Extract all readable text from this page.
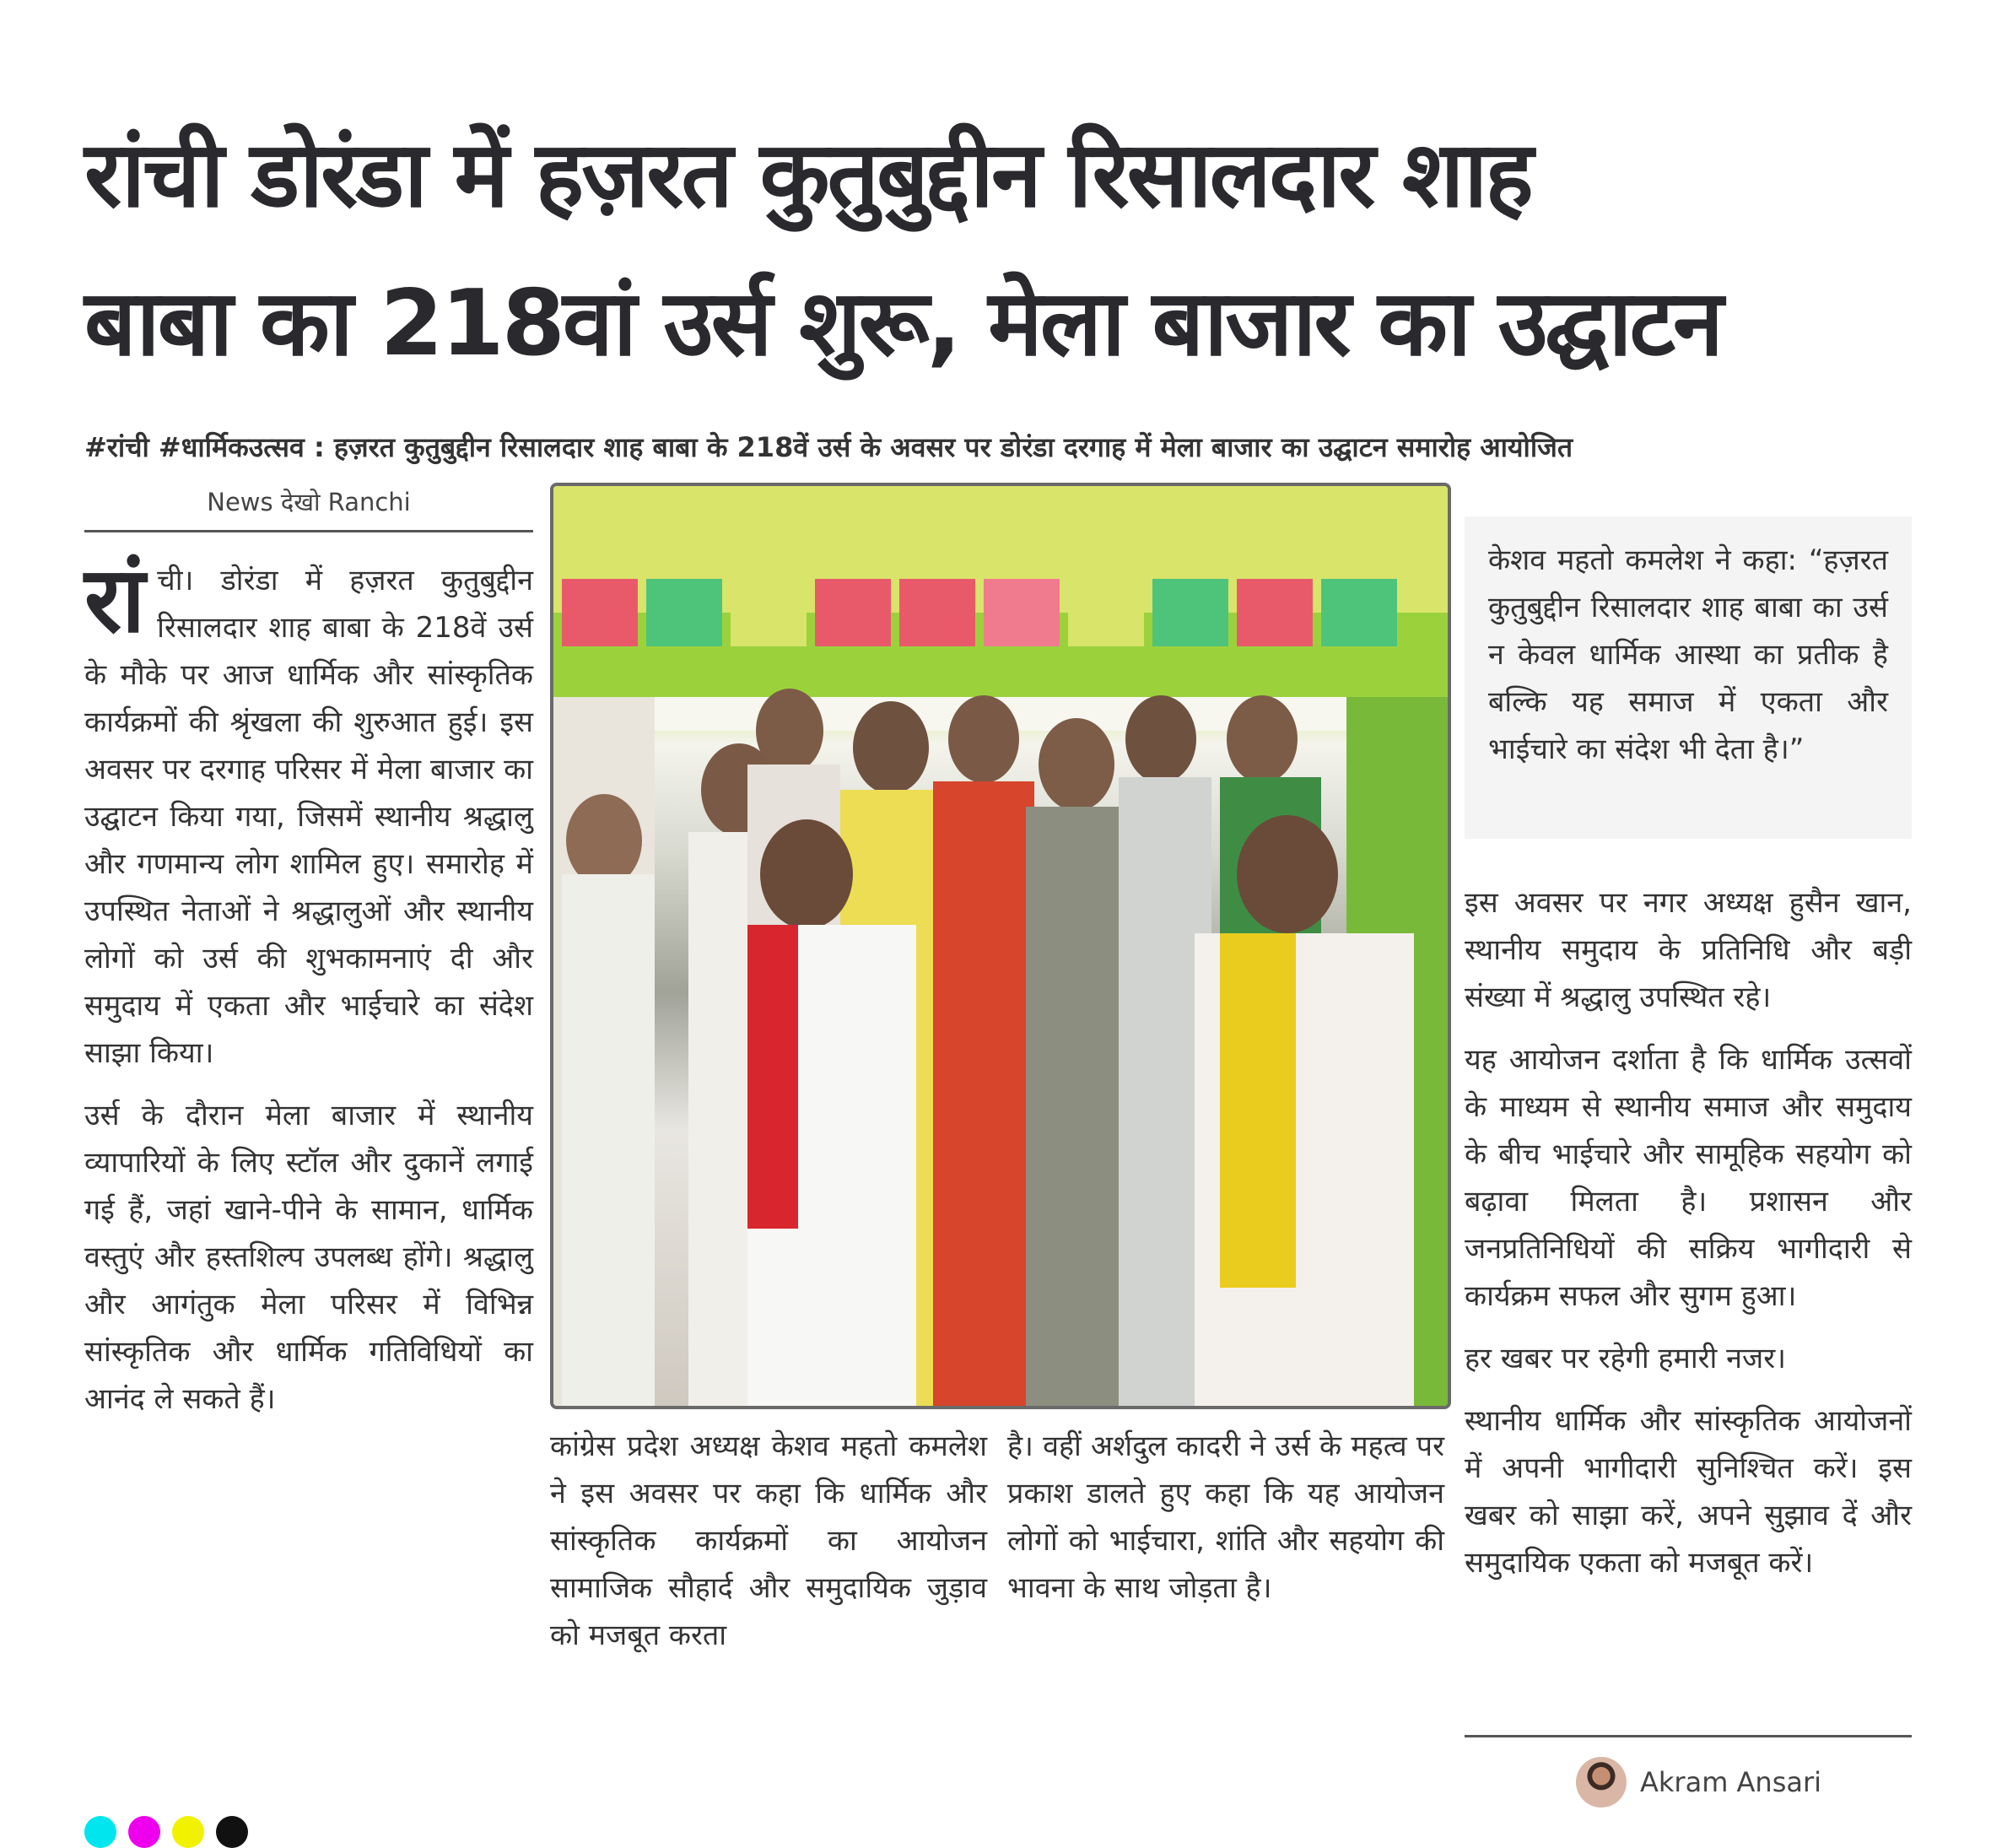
रांची डोरंडा में हज़रत कुतुबुद्दीन रिसालदार शाह
बाबा का 218वां उर्स शुरू, मेला बाजार का उद्घाटन

#रांची #धार्मिकउत्सव : हज़रत कुतुबुद्दीन रिसालदार शाह बाबा के 218वें उर्स के अवसर पर डोरंडा दरगाह में मेला बाजार का उद्घाटन समारोह आयोजित

News देखो Ranchi

रांची। डोरंडा में हज़रत कुतुबुद्दीन रिसालदार शाह बाबा के 218वें उर्स के मौके पर आज धार्मिक और सांस्कृतिक कार्यक्रमों की श्रृंखला की शुरुआत हुई। इस अवसर पर दरगाह परिसर में मेला बाजार का उद्घाटन किया गया, जिसमें स्थानीय श्रद्धालु और गणमान्य लोग शामिल हुए। समारोह में उपस्थित नेताओं ने श्रद्धालुओं और स्थानीय लोगों को उर्स की शुभकामनाएं दी और समुदाय में एकता और भाईचारे का संदेश साझा किया।

उर्स के दौरान मेला बाजार में स्थानीय व्यापारियों के लिए स्टॉल और दुकानें लगाई गई हैं, जहां खाने-पीने के सामान, धार्मिक वस्तुएं और हस्तशिल्प उपलब्ध होंगे। श्रद्धालु और आगंतुक मेला परिसर में विभिन्न सांस्कृतिक और धार्मिक गतिविधियों का आनंद ले सकते हैं।

कांग्रेस प्रदेश अध्यक्ष केशव महतो कमलेश ने इस अवसर पर कहा कि धार्मिक और सांस्कृतिक कार्यक्रमों का आयोजन सामाजिक सौहार्द और समुदायिक जुड़ाव को मजबूत करता

है। वहीं अर्शदुल कादरी ने उर्स के महत्व पर प्रकाश डालते हुए कहा कि यह आयोजन लोगों को भाईचारा, शांति और सहयोग की भावना के साथ जोड़ता है।

केशव महतो कमलेश ने कहा: “हज़रत कुतुबुद्दीन रिसालदार शाह बाबा का उर्स न केवल धार्मिक आस्था का प्रतीक है बल्कि यह समाज में एकता और भाईचारे का संदेश भी देता है।”

इस अवसर पर नगर अध्यक्ष हुसैन खान, स्थानीय समुदाय के प्रतिनिधि और बड़ी संख्या में श्रद्धालु उपस्थित रहे।

यह आयोजन दर्शाता है कि धार्मिक उत्सवों के माध्यम से स्थानीय समाज और समुदाय के बीच भाईचारे और सामूहिक सहयोग को बढ़ावा मिलता है। प्रशासन और जनप्रतिनिधियों की सक्रिय भागीदारी से कार्यक्रम सफल और सुगम हुआ।

हर खबर पर रहेगी हमारी नजर।

स्थानीय धार्मिक और सांस्कृतिक आयोजनों में अपनी भागीदारी सुनिश्चित करें। इस खबर को साझा करें, अपने सुझाव दें और समुदायिक एकता को मजबूत करें।

Akram Ansari
